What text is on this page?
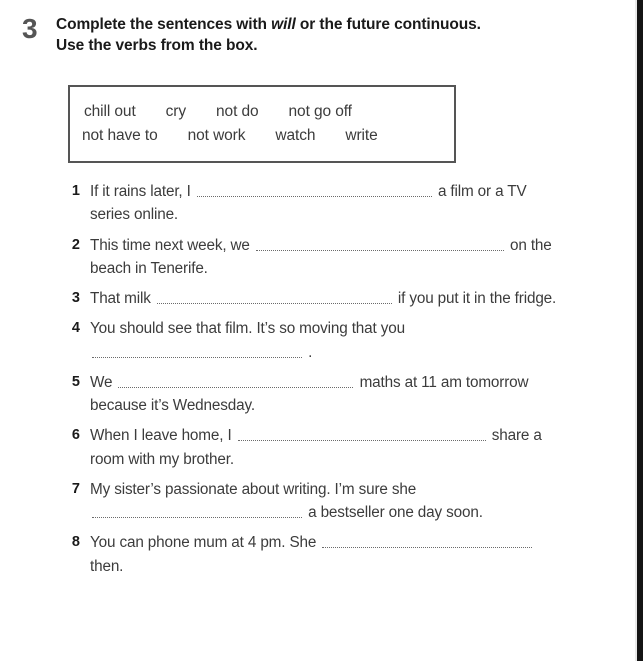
3	Complete the sentences with will or the future continuous. Use the verbs from the box.
chill out cry not do not go off
not have to not work watch write
1 If it rains later, I	a film or a TV series online.
2 This time next week, we	on the beach in Tenerife.
3 That milk	if you put it in the fridge.
4 You should see that film. It’s so moving that you  .
5 We	maths at 11 am tomorrow because it’s Wednesday.
6 When I leave home, I	share a room with my brother.
7 My sister’s passionate about writing. I’m sure she  a bestseller one day soon.
8 You can phone mum at 4 pm. She  then.
